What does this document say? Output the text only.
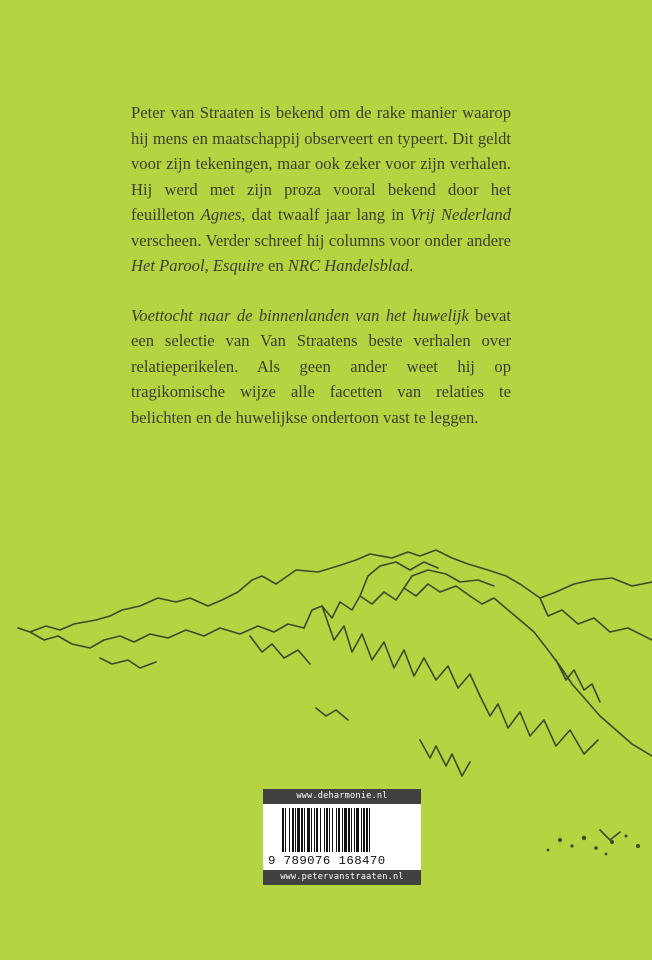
Peter van Straaten is bekend om de rake manier waarop hij mens en maatschappij observeert en typeert. Dit geldt voor zijn tekeningen, maar ook zeker voor zijn verhalen. Hij werd met zijn proza vooral bekend door het feuilleton Agnes, dat twaalf jaar lang in Vrij Nederland verscheen. Verder schreef hij columns voor onder andere Het Parool, Esquire en NRC Handelsblad.

Voettocht naar de binnenlanden van het huwelijk bevat een selectie van Van Straatens beste verhalen over relatieperikelen. Als geen ander weet hij op tragikomische wijze alle facetten van relaties te belichten en de huwelijkse ondertoon vast te leggen.

www.deharmonie.nl
9 789076 168470
www.petervanstraaten.nl
